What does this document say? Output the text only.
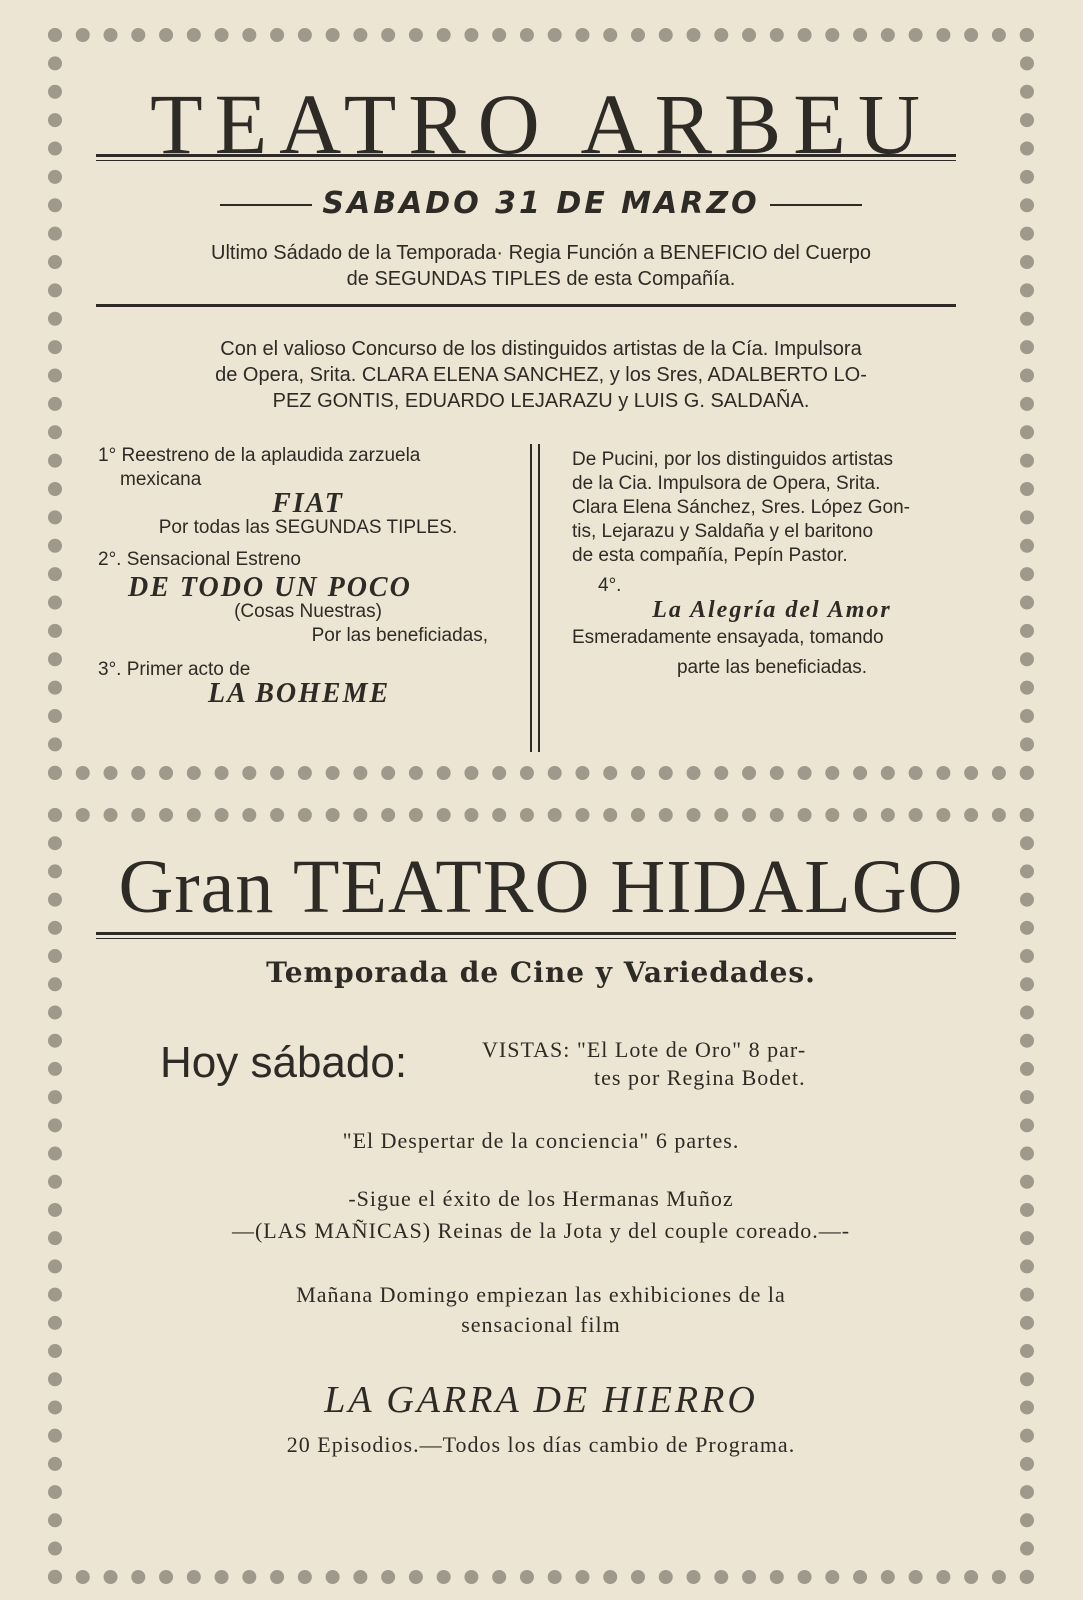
TEATRO ARBEU
SABADO 31 DE MARZO
Ultimo Sádado de la Temporada· Regia Función a BENEFICIO del Cuerpo
de SEGUNDAS TIPLES de esta Compañía.
Con el valioso Concurso de los distinguidos artistas de la Cía. Impulsora
de Opera, Srita. CLARA ELENA SANCHEZ, y los Sres, ADALBERTO LO-
PEZ GONTIS, EDUARDO LEJARAZU y LUIS G. SALDAÑA.
1° Reestreno de la aplaudida zarzuela
mexicana
FIAT
Por todas las SEGUNDAS TIPLES.
2°. Sensacional Estreno
DE TODO UN POCO
(Cosas Nuestras)
Por las beneficiadas,
3°. Primer acto de
LA BOHEME
De Pucini, por los distinguidos artistas
de la Cia. Impulsora de Opera, Srita.
Clara Elena Sánchez, Sres. López Gon-
tis, Lejarazu y Saldaña y el baritono
de esta compañía, Pepín Pastor.
4°.
La Alegría del Amor
Esmeradamente ensayada, tomando
parte las beneficiadas.
Gran TEATRO HIDALGO
Temporada de Cine y Variedades.
Hoy sábado:	VISTAS: "El Lote de Oro" 8 par-
tes por Regina Bodet.
"El Despertar de la conciencia" 6 partes.
-Sigue el éxito de los Hermanas Muñoz
—(LAS MAÑICAS) Reinas de la Jota y del couple coreado.—-
Mañana Domingo empiezan las exhibiciones de la
sensacional film
LA GARRA DE HIERRO
20 Episodios.—Todos los días cambio de Programa.
